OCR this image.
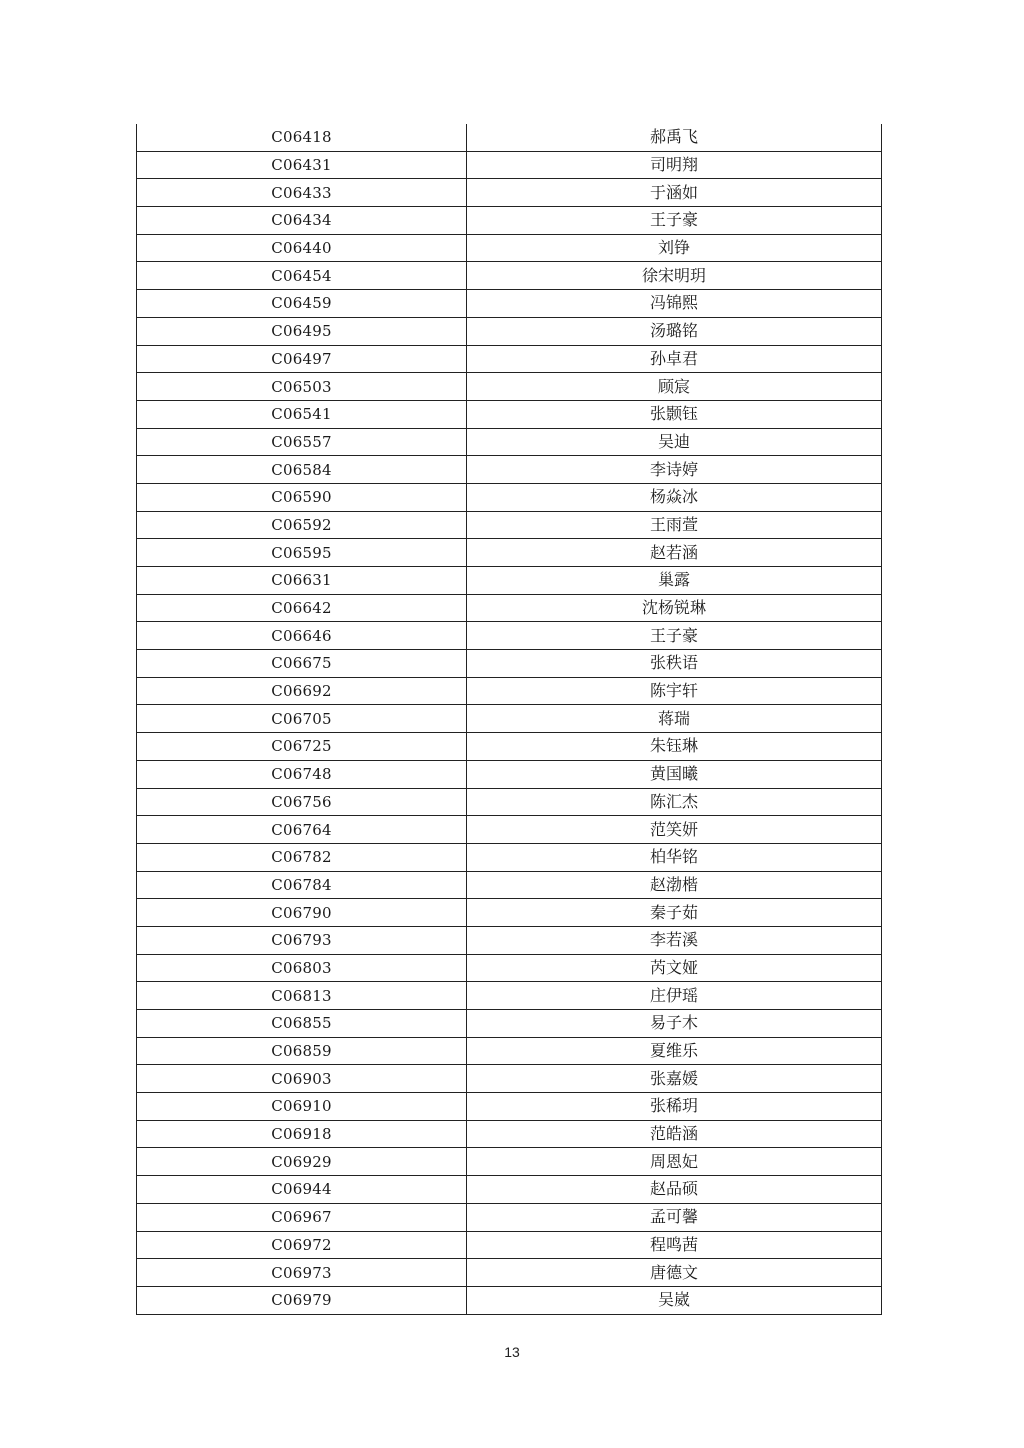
C06418	郝禹飞
C06431	司明翔
C06433	于涵如
C06434	王子豪
C06440	刘铮
C06454	徐宋明玥
C06459	冯锦熙
C06495	汤璐铭
C06497	孙卓君
C06503	顾宸
C06541	张颢钰
C06557	吴迪
C06584	李诗婷
C06590	杨焱冰
C06592	王雨萱
C06595	赵若涵
C06631	巢露
C06642	沈杨锐琳
C06646	王子豪
C06675	张秩语
C06692	陈宇轩
C06705	蒋瑞
C06725	朱钰琳
C06748	黄国曦
C06756	陈汇杰
C06764	范笑妍
C06782	柏华铭
C06784	赵渤楷
C06790	秦子茹
C06793	李若溪
C06803	芮文娅
C06813	庄伊瑶
C06855	易子木
C06859	夏维乐
C06903	张嘉媛
C06910	张稀玥
C06918	范皓涵
C06929	周恩妃
C06944	赵品硕
C06967	孟可馨
C06972	程鸣茜
C06973	唐德文
C06979	吴崴
13
